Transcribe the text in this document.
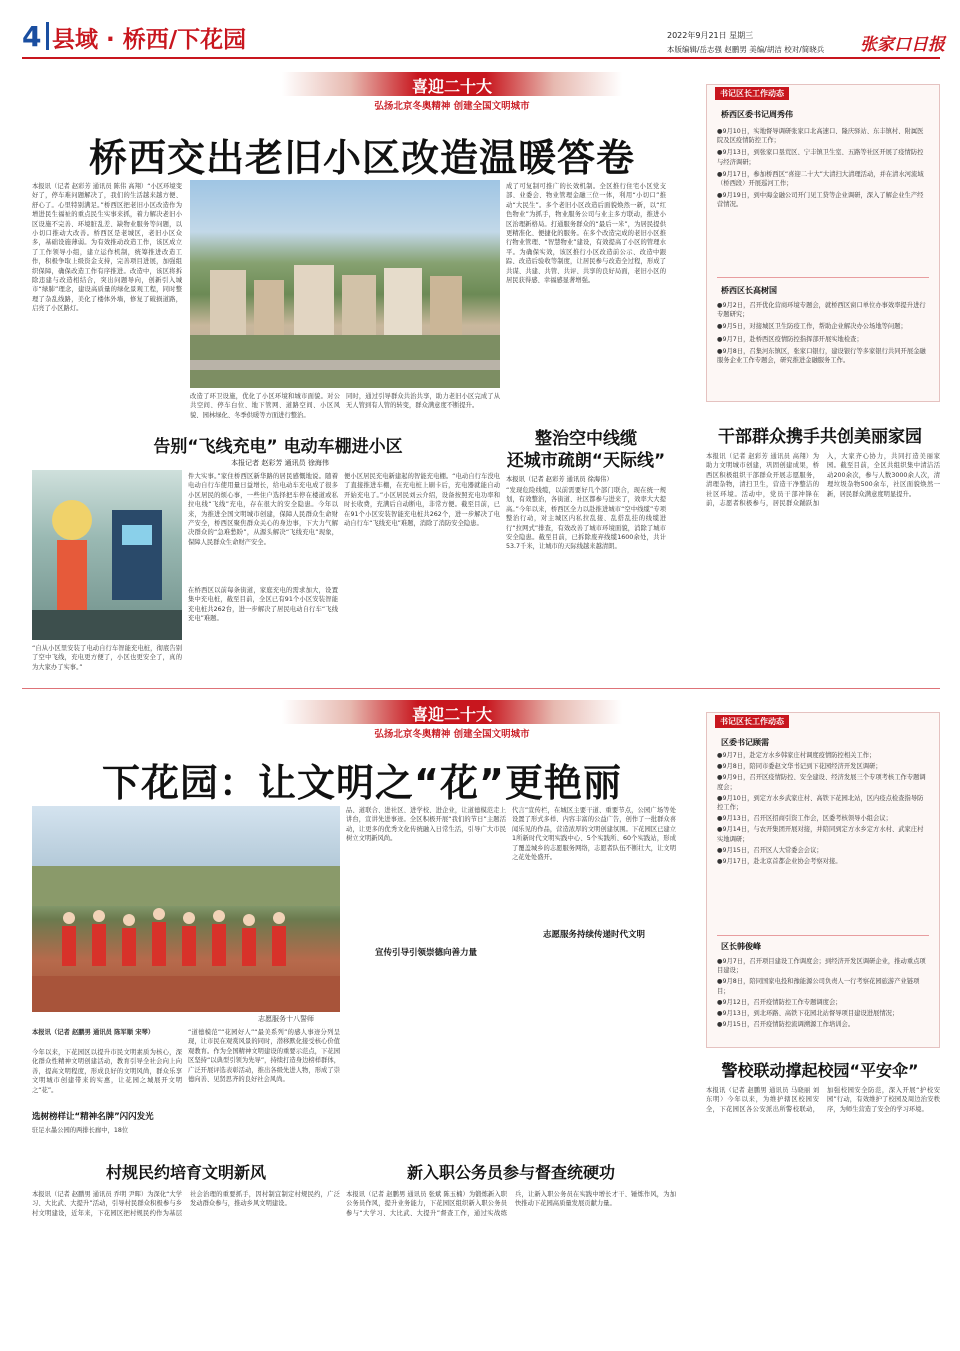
4 县域 · 桥西/下花园	2022年9月21日 星期三
本版编辑/岳志强 赵鹏男 美编/胡洁 校对/简晓兵 张家口日报
喜迎二十大
弘扬北京冬奥精神 创建全国文明城市
桥西交出老旧小区改造温暖答卷
本报讯（记者 赵彩芳 通讯员 陈伟 高翔）“小区环境变好了，停车难问题解决了，我们的生活越来越方便、舒心了。心里特别满足。”桥西区把老旧小区改造作为增进民生福祉的重点民生实事来抓，着力解决老旧小区设施不完善、环境脏乱差、缺物业服务等问题，以小切口推动大改善。桥西区是老城区，老旧小区众多，基础设施薄弱。为有效推动改造工作，该区成立了工作领导小组，建立运作机制，统筹推进改造工作，积极争取上级资金支持，完善项目进展，加强组织保障，确保改造工作有序推进。改造中，该区将拆除违建与改造相结合，突出问题导向，创新引入城市“绿肺”理念，建设高质量的绿化景观工程，同时整理了杂乱线路，美化了楼体外墙，修复了破损道路，启亮了小区路灯。
改造了环卫设施，优化了小区环境和城市面貌。对公共空间、停车白位、地下管网、道路空间、小区风貌、园林绿化、冬季供暖等方面进行整治。
同时，通过引导群众共治共享，助力老旧小区完成了从无人管到有人管的转变，群众满意度不断提升。
成了可复制可推广的长效机制。全区推行住宅小区党支部、业委会、物业管理金融三位一体，利用“小切口”推动“大民生”。多个老旧小区改造后面貌焕然一新，以“红色物业”为抓手，物业服务公司与业主多方联动，推进小区治理新格局。打通服务群众的“最后一米”，为居民提供更精准化、便捷化的服务。在多个改造完成的老旧小区推行物业管理、“智慧物业”建设，有效提高了小区的管理水平。为确保实效，该区推行小区改造前公示、改造中跟踪、改造后验收等制度，让居民参与改造全过程，形成了共谋、共建、共管、共评、共享的良好局面，老旧小区的居民获得感、幸福感显著增强。
告别“飞线充电” 电动车棚进小区
本报记者 赵彩芳 通讯员 徐海伟
“自从小区里安装了电动自行车智能充电桩，彻底告别了空中飞线，充电更方便了，小区也更安全了，真的为大家办了实事。”
件大实事。”家住桥西区新华路的居民感慨地说。随着电动自行车使用量日益增长，给电动车充电成了很多小区居民的烦心事，一些住户选择把车停在楼道或私拉电线“飞线”充电，存在很大的安全隐患。今年以来，为推进全国文明城市创建，保障人民群众生命财产安全，桥西区聚焦群众关心的身边事，下大力气解决群众的“急难愁盼”，从源头解决“飞线充电”现象，保障人民群众生命财产安全。
在桥西区以前每条街道，家庭充电的需求加大，设置集中充电桩，截至目前，全区已有91个小区安装智能充电桩共262台，进一步解决了居民电动自行车“飞线充电”难题。
便小区居民充电新建起的智能充电棚。“电动自行车没电了直接推进车棚，在充电桩上刷卡后，充电器就能自动开始充电了。”小区居民刘云介绍，设备按照充电功率和时长收费，充满后自动断电，非常方便。截至目前，已在91个小区安装智能充电桩共262个，进一步解决了电动自行车“飞线充电”难题，消除了消防安全隐患。
整治空中线缆
还城市疏朗“天际线”
本报讯（记者 赵彩芳 通讯员 徐海伟）
“发现危险线缆，以前需要好几个部门联合，现在统一规划，有效整治，各街道、社区都参与进来了，效率大大提高。”今年以来，桥西区全力以赴推进城市“空中线缆”专项整治行动，对主城区内私拉乱接、乱搭乱挂的线缆进行“拉网式”排查，有效改善了城市环境面貌，消除了城市安全隐患。截至目前，已拆除废弃线缆1600余处，共计53.7千米，让城市的天际线越来越清朗。
书记区长工作动态
桥西区委书记周秀伟
●9月10日，实地督导调研张家口北高速口、隆庆驿站、东丰镇村、附属医院及区疫情防控工作；
●9月13日，到张家口垦荒区、宁丰镇卫生室、五路等社区开展了疫情防控与经济调研；
●9月17日，参加桥西区“喜迎二十大”大清扫大清理活动，并在清水河流域（桥西段）开展巡河工作；
●9月19日，到中海金融公司开门见工贷等企业调研，深入了解企业生产经营情况。
桥西区长高树国
●9月2日，召开优化营商环境专题会，就桥西区窗口单位办事效率提升进行专题研究；
●9月5日，对接城区卫生防疫工作，帮助企业解决办公场地等问题；
●9月7日，赴桥西区疫情防控指挥部开展实地检查；
●9月8日，召集河东镇区，张家口银行，建设银行等多家银行共同开展金融服务企业工作专题会，研究推进金融服务工作。
干部群众携手共创美丽家园
本报讯（记者 赵彩芳 通讯员 高翔）为助力文明城市创建，巩固创建成果，桥西区积极组织干部群众开展志愿服务，清理杂物，清扫卫生，营造干净整洁的社区环境。活动中，党员干部冲锋在前，志愿者积极参与，居民群众踊跃加入，大家齐心协力，共同打造美丽家园。截至目前，全区共组织集中清洁活动200余次，参与人数3000余人次，清理垃圾杂物500余车，社区面貌焕然一新，居民群众满意度明显提升。
喜迎二十大
弘扬北京冬奥精神 创建全国文明城市
下花园：让文明之“花”更艳丽
志愿服务十八誓师
本报讯（记者 赵鹏男 通讯员 陈军顺 宋琴）
今年以来，下花园区以提升市民文明素质为核心，深化群众性精神文明创建活动，教育引导全社会向上向善，提高文明程度，形成良好的文明风尚，群众乐享文明城市创建带来的实惠，让花园之城展开文明之“花”。
选树榜样让“精神名牌”闪闪发光
驻足水墨公园的两排长廊中，18位
“道德模范”“花园好人”“最美系列”的感人事迹分列呈现，让市民在观赏风景的同时，潜移默化接受核心价值观教育。作为全国精神文明建设的重要示范点，下花园区坚持“以典型引领为先导”，持续打造身边榜样群体，广泛开展评选表彰活动，推出各级先进人物，形成了崇德向善、见贤思齐的良好社会风尚。
品、道联合、进社区、进学校、进企业，让道德模范走上讲台，宣讲先进事迹。全区积极开展“我们的节日”主题活动，让更多的优秀文化传统融入日常生活，引导广大市民树立文明新风尚。
宣传引导引领崇德向善力量
代言”宣传栏，在城区主要干道、重要节点，公园广场等处设置了形式多样、内容丰富的公益广告，创作了一批群众喜闻乐见的作品，营造浓厚的文明创建氛围。下花园区已建立1所新时代文明实践中心、5个实践所、60个实践站，形成了覆盖城乡的志愿服务网络，志愿者队伍不断壮大，让文明之花处处盛开。
志愿服务持续传递时代文明
村规民约培育文明新风
本报讯（记者 赵鹏男 通讯员 乔明 尹晖）为深化“大学习、大比武、大提升”活动，引导村民群众积极参与乡村文明建设，近年来，下花园区把村规民约作为基层社会治理的重要抓手，因村制宜制定村规民约，广泛发动群众参与，推动乡风文明建设。
新入职公务员参与督查统硬功
本报讯（记者 赵鹏男 通讯员 张斌 陈玉楠）为锻炼新入职公务员作风，提升业务能力，下花园区组织新入职公务员参与“大学习、大比武、大提升”督查工作，通过实战练兵，让新入职公务员在实践中增长才干、锤炼作风，为加快推动下花园高质量发展贡献力量。
书记区长工作动态
区委书记顾需
●9月7日，赴定方水乡韩家庄村调度疫情防控相关工作；
●9月8日，陪同市委赵文华书记到下花园经济开发区调研；
●9月9日，召开区疫情防控、安全建设、经济发展三个专项考核工作专题调度会；
●9月10日，到定方水乡武家庄村、高铁下花园北站，区内疫点检查指导防控工作；
●9月13日，召开区招商引资工作会，区委考核领导小组会议；
●9月14日，与农开集团开展对接，并陪同到定方水乡定方水村、武家庄村实地调研；
●9月15日，召开区人大常委会会议；
●9月17日，赴北京首都企业协会考察对接。
区长韩俊峰
●9月7日，召开项目建设工作调度会；到经济开发区调研企业，推动重点项目建设；
●9月8日，陪同国家电投和豫能源公司负责人一行考察花园旅游产业链项目；
●9月12日，召开疫情防控工作专题调度会；
●9月13日，到北环路、高铁下花园北站督导项目建设进展情况；
●9月15日，召开疫情防控流调溯源工作培训会。
警校联动撑起校园“平安伞”
本报讯（记者 赵鹏男 通讯员 马晓丽 刘东明）今年以来，为维护辖区校园安全，下花园区各公安派出所警校联动，加强校园安全防范，深入开展“护校安园”行动，有效维护了校园及周边治安秩序，为师生营造了安全的学习环境。
